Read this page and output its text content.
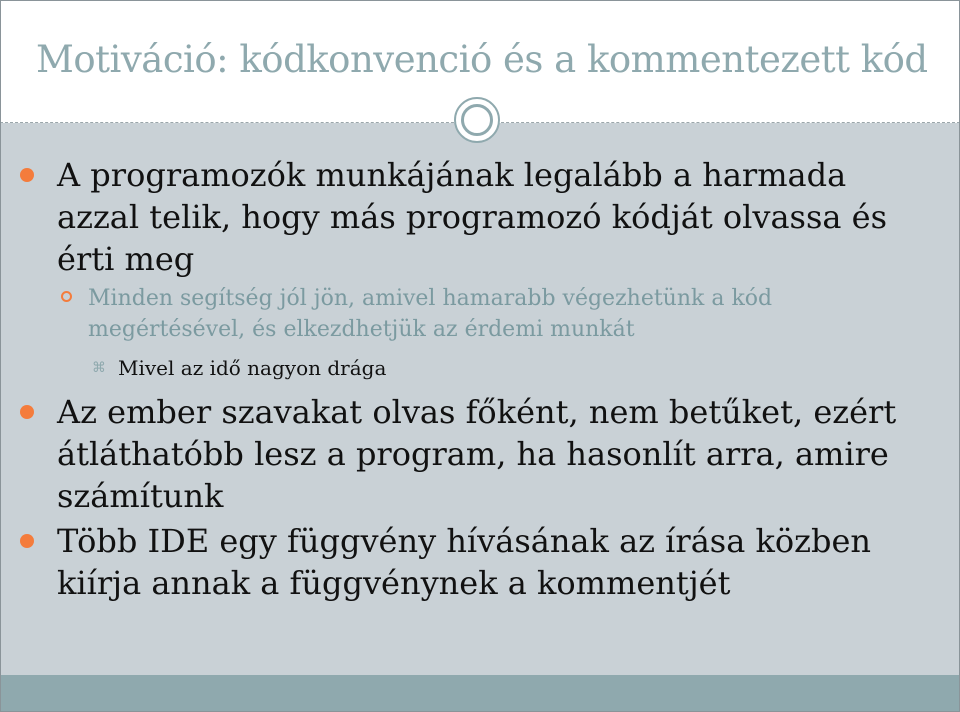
Motiváció: kódkonvenció és a kommentezett kód
A programozók munkájának legalább a harmada azzal telik, hogy más programozó kódját olvassa és érti meg
Minden segítség jól jön, amivel hamarabb végezhetünk a kód megértésével, és elkezdhetjük az érdemi munkát
⌘ Mivel az idő nagyon drága
Az ember szavakat olvas főként, nem betűket, ezért átláthatóbb lesz a program, ha hasonlít arra, amire számítunk
Több IDE egy függvény hívásának az írása közben kiírja annak a függvénynek a kommentjét
